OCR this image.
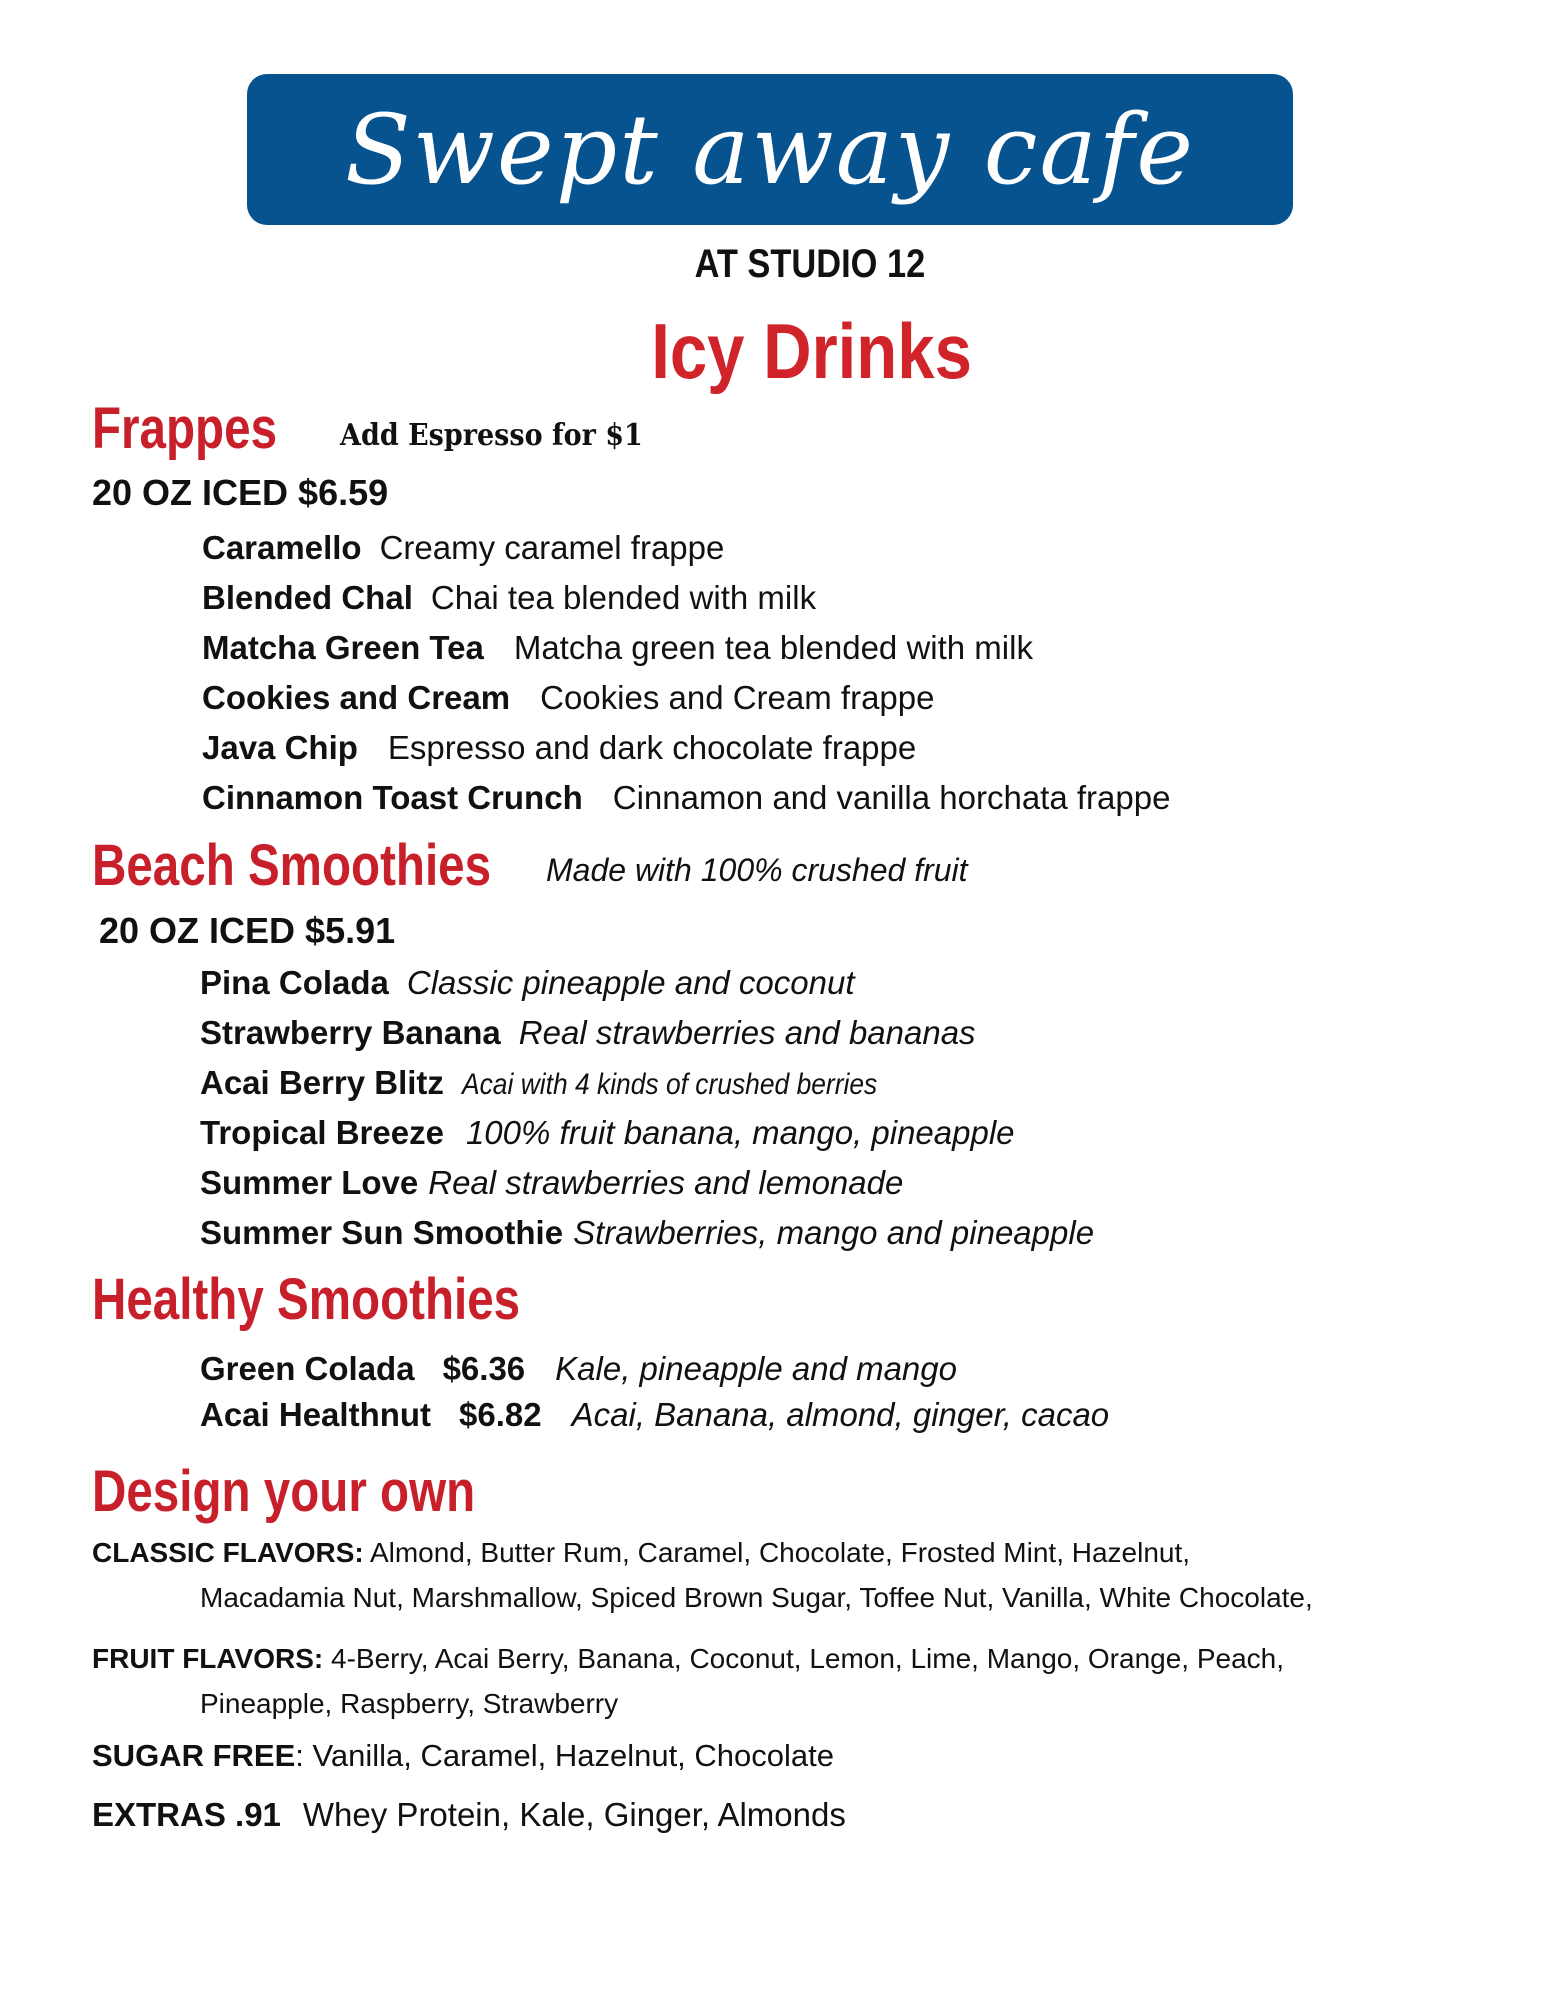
Swept away cafe
AT STUDIO 12
Icy Drinks
Frappes Add Espresso for $1
20 OZ ICED $6.59
Caramello Creamy caramel frappe
Blended Chal Chai tea blended with milk
Matcha Green Tea Matcha green tea blended with milk
Cookies and Cream Cookies and Cream frappe
Java Chip Espresso and dark chocolate frappe
Cinnamon Toast Crunch Cinnamon and vanilla horchata frappe
Beach Smoothies Made with 100% crushed fruit
20 OZ ICED $5.91
Pina Colada Classic pineapple and coconut
Strawberry Banana Real strawberries and bananas
Acai Berry Blitz Acai with 4 kinds of crushed berries
Tropical Breeze 100% fruit banana, mango, pineapple
Summer Love Real strawberries and lemonade
Summer Sun Smoothie Strawberries, mango and pineapple
Healthy Smoothies
Green Colada $6.36 Kale, pineapple and mango
Acai Healthnut $6.82 Acai, Banana, almond, ginger, cacao
Design your own
CLASSIC FLAVORS: Almond, Butter Rum, Caramel, Chocolate, Frosted Mint, Hazelnut,
Macadamia Nut, Marshmallow, Spiced Brown Sugar, Toffee Nut, Vanilla, White Chocolate,
FRUIT FLAVORS: 4-Berry, Acai Berry, Banana, Coconut, Lemon, Lime, Mango, Orange, Peach,
Pineapple, Raspberry, Strawberry
SUGAR FREE: Vanilla, Caramel, Hazelnut, Chocolate
EXTRAS .91 Whey Protein, Kale, Ginger, Almonds
